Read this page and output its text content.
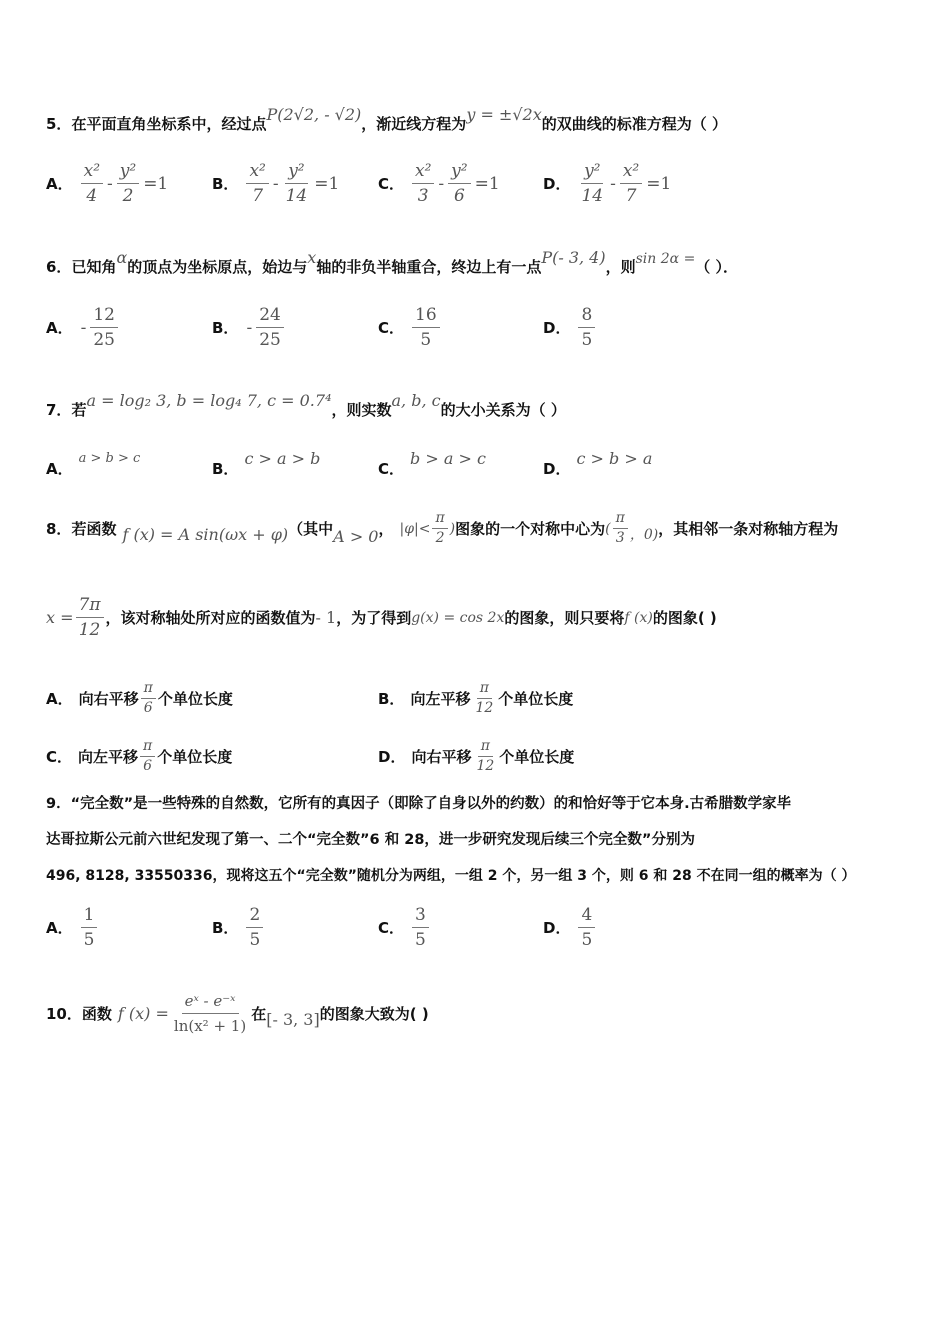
5．在平面直角坐标系中，经过点P(2√2, - √2)，渐近线方程为y = ±√2x的双曲线的标准方程为（ ）
A． $\frac{\text{x²}}{4} - \frac{\text{y²}}{2} =1$	B． $\frac{\text{x²}}{7} - \frac{\text{y²}}{14} =1$	C． $\frac{\text{x²}}{3} - \frac{\text{y²}}{6} =1$	D． $\frac{\text{y²}}{14} - \frac{\text{x²}}{7} =1$
6．已知角α的顶点为坐标原点，始边与x轴的非负半轴重合，终边上有一点P(- 3, 4)，则sin 2α =（ ）．
A． - $\frac{12}{25}$	B． - $\frac{24}{25}$	C． $\frac{16}{5}$	D． $\frac{8}{5}$
7．若a = log₂ 3, b = log₄ 7, c = 0.7⁴，则实数a, b, c的大小关系为（ ）
A．
a > b > c
B．
c > a > b
C．
b > a > c
D．
c > b > a
8． 若函数 f (x) = A sin(ωx + φ) （其中 A > 0 ， $|\varphi|< \frac{\pi}{2}$ ) 图象的一个对称中心为 ( $\frac{\pi}{3}$ ，0) ，其相邻一条对称轴方程为
$x = \frac{7\pi}{12}$ ，该对称轴处所对应的函数值为 - 1 ，为了得到 g(x) = cos 2x 的图象，则只要将 f (x) 的图象( )
A． 向右平移 $\frac{\pi}{6}$ 个单位长度	B． 向左平移 $\frac{\pi}{12}$ 个单位长度
C． 向左平移 $\frac{\pi}{6}$ 个单位长度	D． 向右平移 $\frac{\pi}{12}$ 个单位长度
9．“完全数”是一些特殊的自然数，它所有的真因子（即除了自身以外的约数）的和恰好等于它本身.古希腊数学家毕
达哥拉斯公元前六世纪发现了第一、二个“完全数”6 和 28，进一步研究发现后续三个完全数”分别为
496, 8128, 33550336，现将这五个“完全数”随机分为两组，一组 2 个，另一组 3 个，则 6 和 28 不在同一组的概率为（ ）
A． $\frac{1}{5}$	B． $\frac{2}{5}$	C． $\frac{3}{5}$	D． $\frac{4}{5}$
10． 函数 f $(x) = \frac{\text{eˣ - e⁻ˣ}}{\text{ln(x² + 1)}}$ 在 [- 3, 3] 的图象大致为( )
